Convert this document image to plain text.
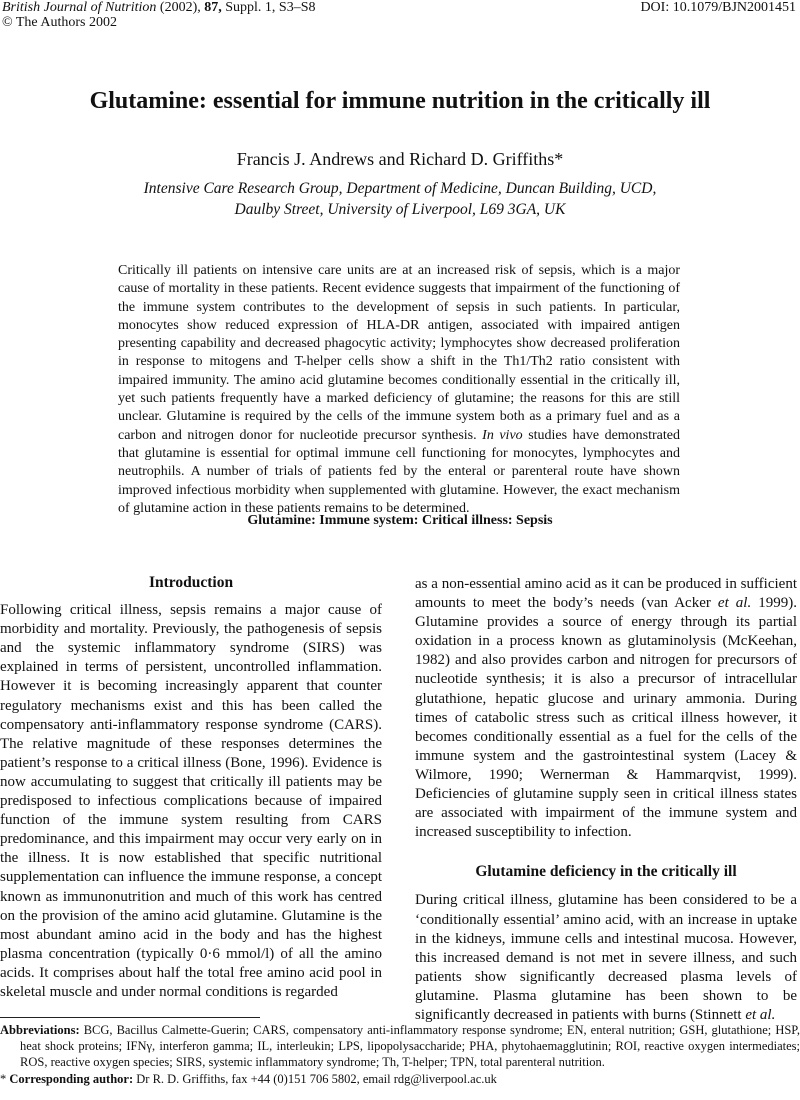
British Journal of Nutrition (2002), 87, Suppl. 1, S3–S8
© The Authors 2002
DOI: 10.1079/BJN2001451
Glutamine: essential for immune nutrition in the critically ill
Francis J. Andrews and Richard D. Griffiths*
Intensive Care Research Group, Department of Medicine, Duncan Building, UCD,
Daulby Street, University of Liverpool, L69 3GA, UK
Critically ill patients on intensive care units are at an increased risk of sepsis, which is a major cause of mortality in these patients. Recent evidence suggests that impairment of the functioning of the immune system contributes to the development of sepsis in such patients. In particular, monocytes show reduced expression of HLA-DR antigen, associated with impaired antigen presenting capability and decreased phagocytic activity; lymphocytes show decreased proliferation in response to mitogens and T-helper cells show a shift in the Th1/Th2 ratio consistent with impaired immunity. The amino acid glutamine becomes conditionally essential in the critically ill, yet such patients frequently have a marked deficiency of glutamine; the reasons for this are still unclear. Glutamine is required by the cells of the immune system both as a primary fuel and as a carbon and nitrogen donor for nucleotide precursor synthesis. In vivo studies have demonstrated that glutamine is essential for optimal immune cell functioning for monocytes, lymphocytes and neutrophils. A number of trials of patients fed by the enteral or parenteral route have shown improved infectious morbidity when supplemented with glutamine. However, the exact mechanism of glutamine action in these patients remains to be determined.
Glutamine: Immune system: Critical illness: Sepsis
Introduction

Following critical illness, sepsis remains a major cause of morbidity and mortality. Previously, the pathogenesis of sepsis and the systemic inflammatory syndrome (SIRS) was explained in terms of persistent, uncontrolled inflammation. However it is becoming increasingly apparent that counter regulatory mechanisms exist and this has been called the compensatory anti-inflammatory response syndrome (CARS). The relative magnitude of these responses determines the patient’s response to a critical illness (Bone, 1996). Evidence is now accumulating to suggest that critically ill patients may be predisposed to infectious complications because of impaired function of the immune system resulting from CARS predominance, and this impairment may occur very early on in the illness. It is now established that specific nutritional supplementation can influence the immune response, a concept known as immunonutrition and much of this work has centred on the provision of the amino acid glutamine. Glutamine is the most abundant amino acid in the body and has the highest plasma concentration (typically 0·6 mmol/l) of all the amino acids. It comprises about half the total free amino acid pool in skeletal muscle and under normal conditions is regarded

as a non-essential amino acid as it can be produced in sufficient amounts to meet the body’s needs (van Acker et al. 1999). Glutamine provides a source of energy through its partial oxidation in a process known as glutaminolysis (McKeehan, 1982) and also provides carbon and nitrogen for precursors of nucleotide synthesis; it is also a precursor of intracellular glutathione, hepatic glucose and urinary ammonia. During times of catabolic stress such as critical illness however, it becomes conditionally essential as a fuel for the cells of the immune system and the gastrointestinal system (Lacey & Wilmore, 1990; Wernerman & Hammarqvist, 1999). Deficiencies of glutamine supply seen in critical illness states are associated with impairment of the immune system and increased susceptibility to infection.

Glutamine deficiency in the critically ill

During critical illness, glutamine has been considered to be a ‘conditionally essential’ amino acid, with an increase in uptake in the kidneys, immune cells and intestinal mucosa. However, this increased demand is not met in severe illness, and such patients show significantly decreased plasma levels of glutamine. Plasma glutamine has been shown to be significantly decreased in patients with burns (Stinnett et al.

Abbreviations: BCG, Bacillus Calmette-Guerin; CARS, compensatory anti-inflammatory response syndrome; EN, enteral nutrition; GSH, glutathione; HSP, heat shock proteins; IFNγ, interferon gamma; IL, interleukin; LPS, lipopolysaccharide; PHA, phytohaemagglutinin; ROI, reactive oxygen intermediates; ROS, reactive oxygen species; SIRS, systemic inflammatory syndrome; Th, T-helper; TPN, total parenteral nutrition.
* Corresponding author: Dr R. D. Griffiths, fax +44 (0)151 706 5802, email rdg@liverpool.ac.uk
